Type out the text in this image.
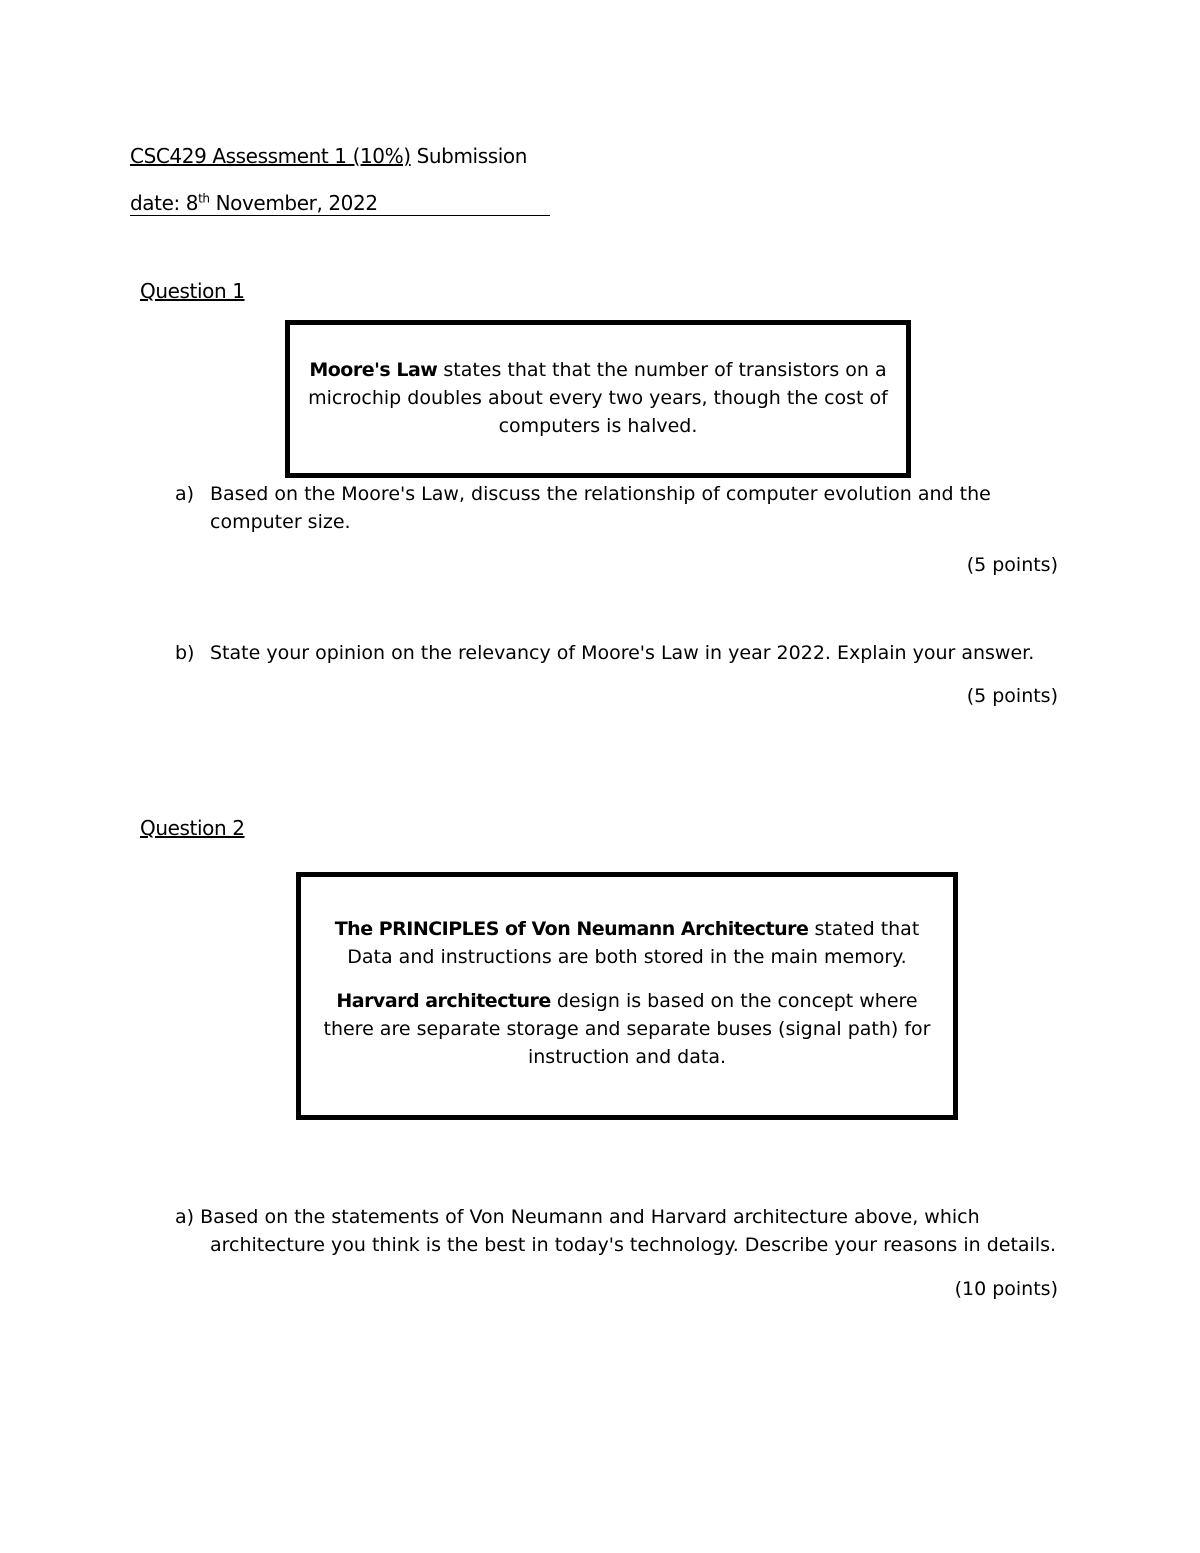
CSC429 Assessment 1 (10%) Submission
date: 8th November, 2022
Question 1

Moore's Law states that that the number of transistors on a microchip doubles about every two years, though the cost of computers is halved.

a) Based on the Moore's Law, discuss the relationship of computer evolution and the computer size.
(5 points)
b) State your opinion on the relevancy of Moore's Law in year 2022. Explain your answer.
(5 points)
Question 2

The PRINCIPLES of Von Neumann Architecture stated that Data and instructions are both stored in the main memory.

Harvard architecture design is based on the concept where there are separate storage and separate buses (signal path) for instruction and data.

a) Based on the statements of Von Neumann and Harvard architecture above, which
architecture you think is the best in today's technology. Describe your reasons in details.
(10 points)
